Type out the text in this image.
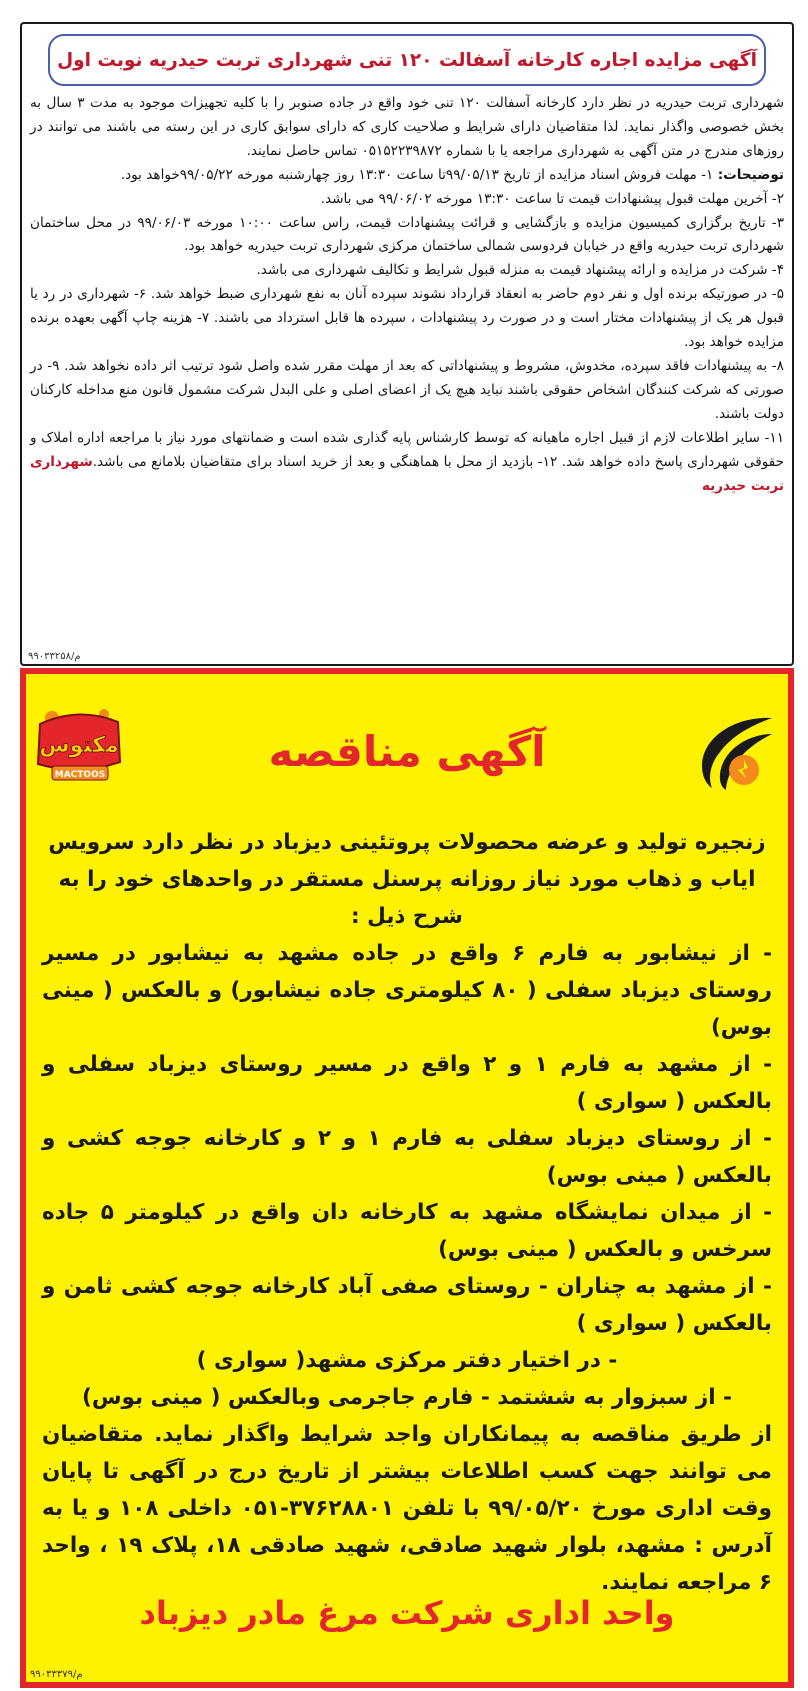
آگهی مزایده اجاره کارخانه آسفالت ۱۲۰ تنی شهرداری تربت حیدریه نوبت اول

شهرداری تربت حیدریه در نظر دارد کارخانه آسفالت ۱۲۰ تنی خود واقع در جاده صنوبر را با کلیه تجهیزات موجود به مدت ۳ سال به بخش خصوصی واگذار نماید. لذا متقاضیان دارای شرایط و صلاحیت کاری که دارای سوابق کاری در این رسته می باشند می توانند در روزهای مندرج در متن آگهی به شهرداری مراجعه یا با شماره ۰۵۱۵۲۲۳۹۸۷۲ تماس حاصل نمایند.

توضیحات: ۱- مهلت فروش اسناد مزایده از تاریخ ۹۹/۰۵/۱۳تا ساعت ۱۳:۳۰ روز چهارشنبه مورخه ۹۹/۰۵/۲۲خواهد بود.

۲- آخرین مهلت قبول پیشنهادات قیمت تا ساعت ۱۳:۳۰ مورخه ۹۹/۰۶/۰۲ می باشد.

۳- تاریخ برگزاری کمیسیون مزایده و بازگشایی و قرائت پیشنهادات قیمت، راس ساعت ۱۰:۰۰ مورخه ۹۹/۰۶/۰۳ در محل ساختمان شهرداری تربت حیدریه واقع در خیابان فردوسی شمالی ساختمان مرکزی شهرداری تربت حیدریه خواهد بود.

۴- شرکت در مزایده و ارائه پیشنهاد قیمت به منزله قبول شرایط و تکالیف شهرداری می باشد.

۵- در صورتیکه برنده اول و نفر دوم حاضر به انعقاد قرارداد نشوند سپرده آنان به نفع شهرداری ضبط خواهد شد. ۶- شهرداری در رد یا قبول هر یک از پیشنهادات مختار است و در صورت رد پیشنهادات ، سپرده ها قابل استرداد می باشند. ۷- هزینه چاپ آگهی بعهده برنده مزایده خواهد بود.

۸- به پیشنهادات فاقد سپرده، مخدوش، مشروط و پیشنهاداتی که بعد از مهلت مقرر شده واصل شود ترتیب اثر داده نخواهد شد. ۹- در صورتی که شرکت کنندگان اشخاص حقوقی باشند نباید هیچ یک از اعضای اصلی و علی البدل شرکت مشمول قانون منع مداخله کارکنان دولت باشند.

۱۱- سایر اطلاعات لازم از قبیل اجاره ماهیانه که توسط کارشناس پایه گذاری شده است و ضمانتهای مورد نیاز با مراجعه اداره املاک و حقوقی شهرداری پاسخ داده خواهد شد. ۱۲- بازدید از محل با هماهنگی و بعد از خرید اسناد برای متقاضیان بلامانع می باشد.شهرداری تربت حیدریه

م/۹۹۰۳۳۲۵۸
مکتوس
MACTOOS	آگهی مناقصه

زنجیره تولید و عرضه محصولات پروتئینی دیزباد در نظر دارد سرویس ایاب و ذهاب مورد نیاز روزانه پرسنل مستقر در واحدهای خود را به شرح ذیل :

- از نیشابور به فارم ۶ واقع در جاده مشهد به نیشابور در مسیر روستای دیزباد سفلی ( ۸۰ کیلومتری جاده نیشابور) و بالعکس ( مینی بوس)

- از مشهد به فارم ۱ و ۲ واقع در مسیر روستای دیزباد سفلی و بالعکس ( سواری )

- از روستای دیزباد سفلی به فارم ۱ و ۲ و کارخانه جوجه کشی و بالعکس ( مینی بوس)

- از میدان نمایشگاه مشهد به کارخانه دان واقع در کیلومتر ۵ جاده سرخس و بالعکس ( مینی بوس)

- از مشهد به چناران - روستای صفی آباد کارخانه جوجه کشی ثامن و بالعکس ( سواری )

- در اختیار دفتر مرکزی مشهد( سواری )

- از سبزوار به ششتمد - فارم جاجرمی وبالعکس ( مینی بوس)

از طریق مناقصه به پیمانکاران واجد شرایط واگذار نماید. متقاضیان می توانند جهت کسب اطلاعات بیشتر از تاریخ درج در آگهی تا پایان وقت اداری مورخ ۹۹/۰۵/۲۰ با تلفن ۳۷۶۲۸۸۰۱-۰۵۱ داخلی ۱۰۸ و یا به آدرس : مشهد، بلوار شهید صادقی، شهید صادقی ۱۸، پلاک ۱۹ ، واحد ۶ مراجعه نمایند.

واحد اداری شرکت مرغ مادر دیزباد
م/۹۹۰۳۳۳۷۹
